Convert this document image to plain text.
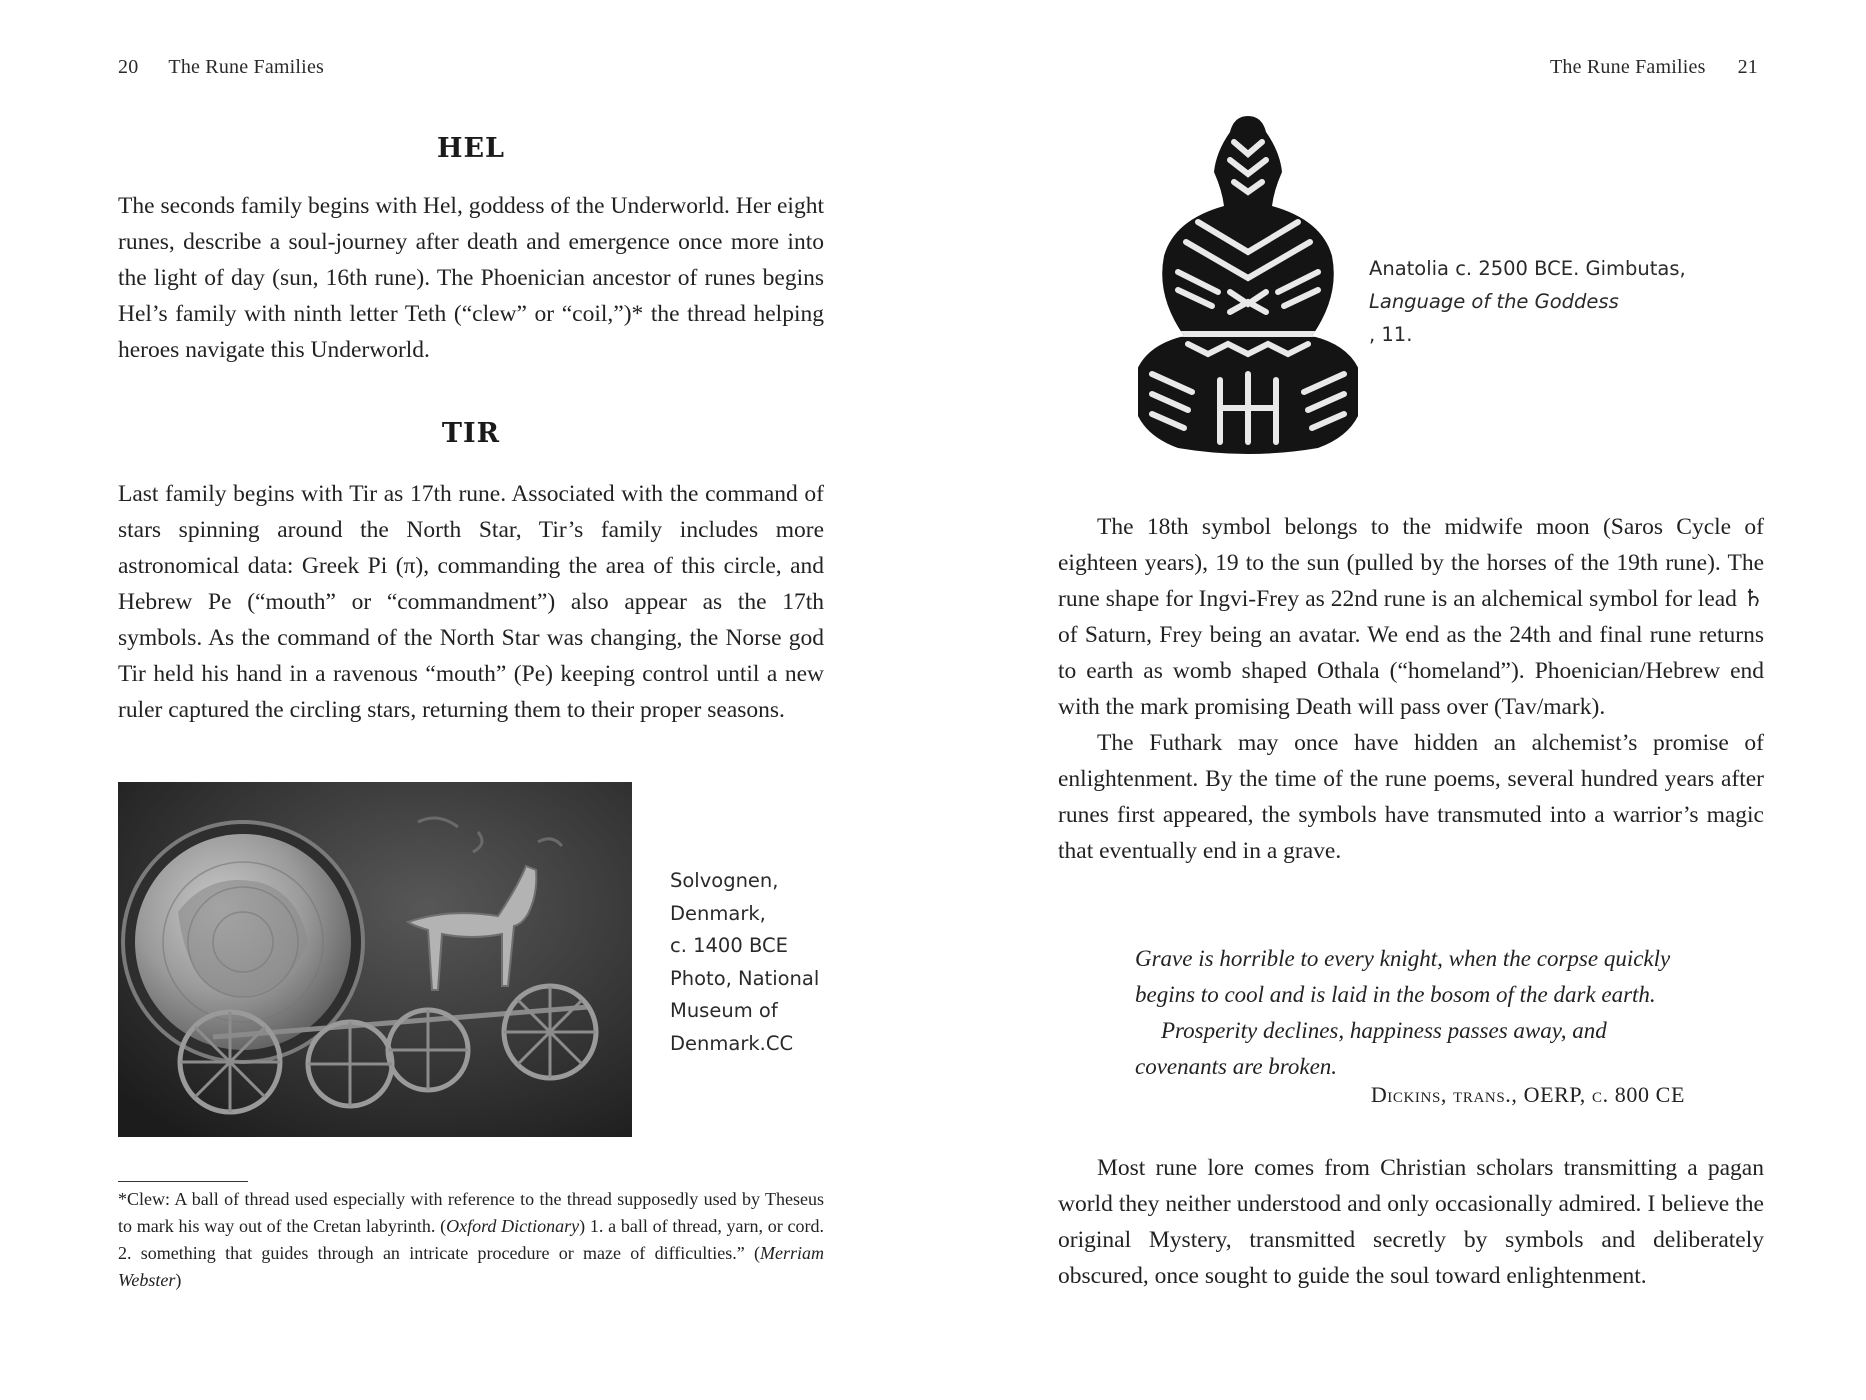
20 The Rune Families
HEL

The seconds family begins with Hel, goddess of the Underworld. Her eight runes, describe a soul-journey after death and emergence once more into the light of day (sun, 16th rune). The Phoenician ancestor of runes begins Hel’s family with ninth letter Teth (“clew” or “coil,”)* the thread helping heroes navigate this Underworld.

TIR

Last family begins with Tir as 17th rune. Associated with the command of stars spinning around the North Star, Tir’s family includes more astronomical data: Greek Pi (π), commanding the area of this circle, and Hebrew Pe (“mouth” or “commandment”) also appear as the 17th symbols. As the command of the North Star was changing, the Norse god Tir held his hand in a ravenous “mouth” (Pe) keeping control until a new ruler captured the circling stars, returning them to their proper seasons.

Solvognen,
Denmark,
c. 1400 BCE
Photo, National
Museum of
Denmark.CC

*Clew: A ball of thread used especially with reference to the thread supposedly used by Theseus to mark his way out of the Cretan labyrinth. (Oxford Dictionary) 1. a ball of thread, yarn, or cord. 2. something that guides through an intricate procedure or maze of difficulties.” (Merriam Webster)

The Rune Families 21
Anatolia c. 2500 BCE. Gimbutas,
Language of the Goddess
, 11.

The 18th symbol belongs to the midwife moon (Saros Cycle of eighteen years), 19 to the sun (pulled by the horses of the 19th rune). The rune shape for Ingvi-Frey as 22nd rune is an alchemical symbol for lead ♄ of Saturn, Frey being an avatar. We end as the 24th and final rune returns to earth as womb shaped Othala (“homeland”). Phoenician/Hebrew end with the mark promising Death will pass over (Tav/mark).

The Futhark may once have hidden an alchemist’s promise of enlightenment. By the time of the rune poems, several hundred years after runes first appeared, the symbols have transmuted into a warrior’s magic that eventually end in a grave.

Grave is horrible to every knight, when the corpse quickly
begins to cool and is laid in the bosom of the dark earth.
Prosperity declines, happiness passes away, and
covenants are broken.
Dickins, trans., OERP, c. 800 CE

Most rune lore comes from Christian scholars transmitting a pagan world they neither understood and only occasionally admired. I believe the original Mystery, transmitted secretly by symbols and deliberately obscured, once sought to guide the soul toward enlightenment.
